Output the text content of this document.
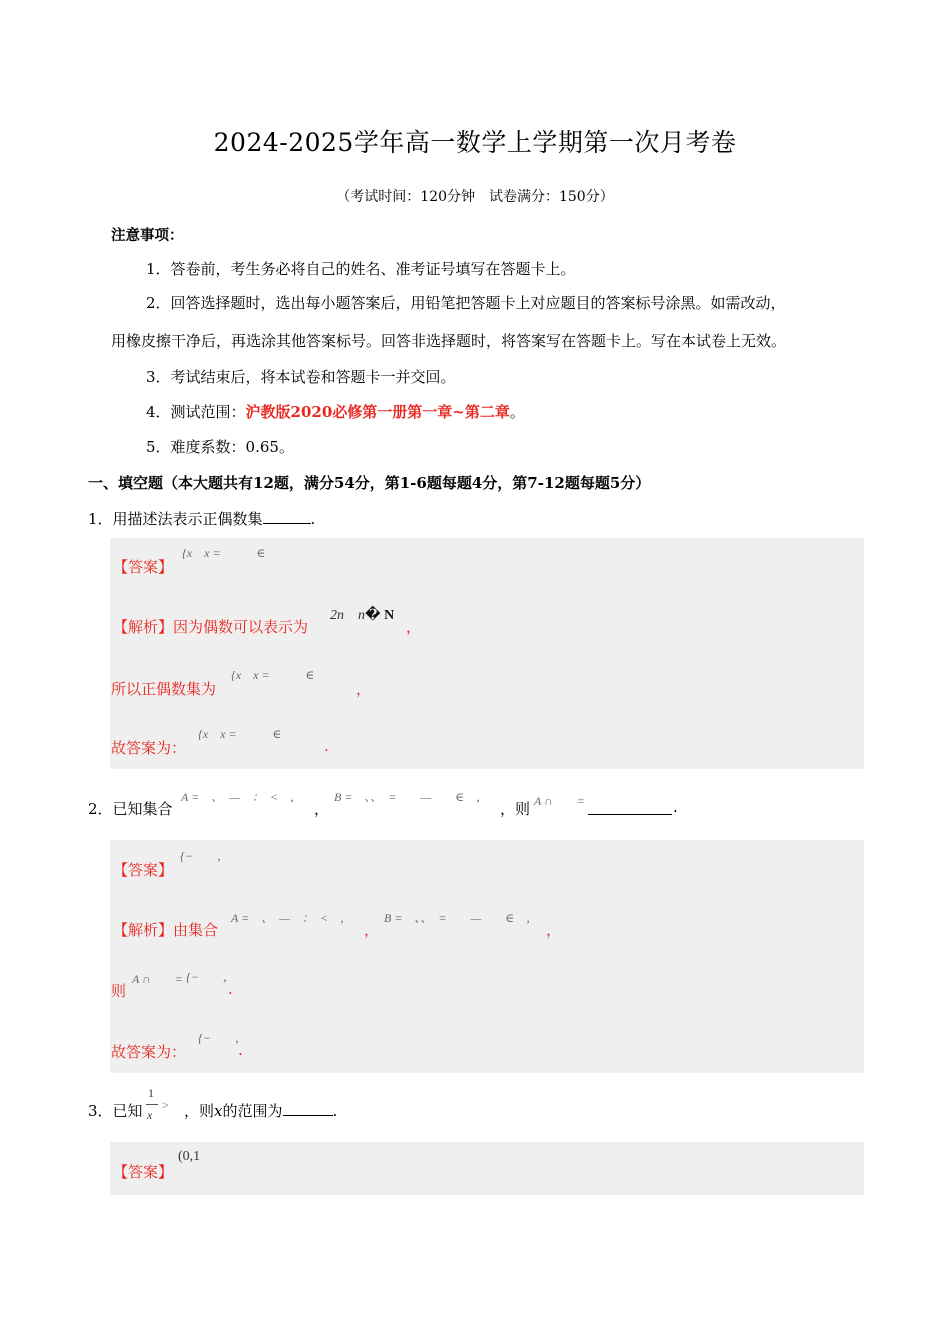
2024-2025学年高一数学上学期第一次月考卷
（考试时间：120分钟　试卷满分：150分）
注意事项：
1．答卷前，考生务必将自己的姓名、准考证号填写在答题卡上。
2．回答选择题时，选出每小题答案后，用铅笔把答题卡上对应题目的答案标号涂黑。如需改动，
用橡皮擦干净后，再选涂其他答案标号。回答非选择题时，将答案写在答题卡上。写在本试卷上无效。
3．考试结束后，将本试卷和答题卡一并交回。
4．测试范围：沪教版2020必修第一册第一章~第二章。
5．难度系数：0.65。
一、填空题（本大题共有12题，满分54分，第1-6题每题4分，第7-12题每题5分）
1．用描述法表示正偶数集	.
【答案】
{x　x =　　　∈
【解析】因为偶数可以表示为
2n　n� N
，
所以正偶数集为
{x　x =　　　∈
，
故答案为：
{x　x =　　　∈
.
2．已知集合
A =　、　—　：　<　，
，
B =　、、　=　　—　　∈　，
，则 A ∩　　=	.
【答案】
{−　　，
【解析】由集合
A =　、　—　：　<　，
，
B =　、、　=　　—　　∈　，
，
则
A ∩　　= {−　　，
.
故答案为：
{−　　，
.
3．已知
1
x
> ，则x的范围为	.
【答案】
(0,1
